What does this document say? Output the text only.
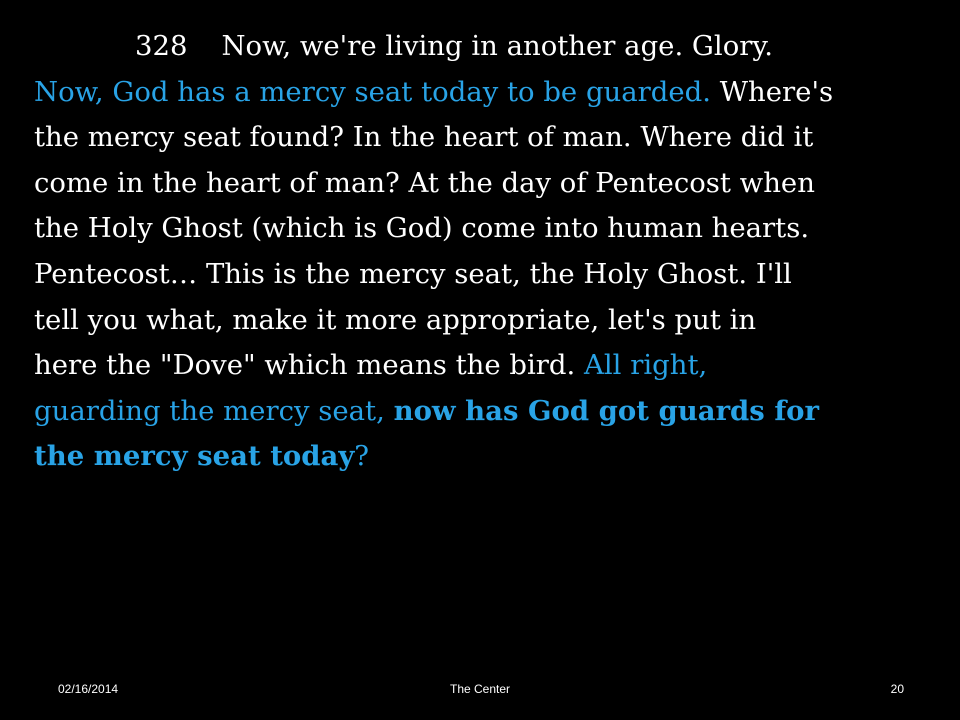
328 Now, we're living in another age. Glory.
Now, God has a mercy seat today to be guarded. Where's
the mercy seat found? In the heart of man. Where did it
come in the heart of man? At the day of Pentecost when
the Holy Ghost (which is God) come into human hearts.
Pentecost… This is the mercy seat, the Holy Ghost. I'll
tell you what, make it more appropriate, let's put in
here the "Dove" which means the bird. All right,
guarding the mercy seat, now has God got guards for
the mercy seat today?
02/16/2014	The Center	20
